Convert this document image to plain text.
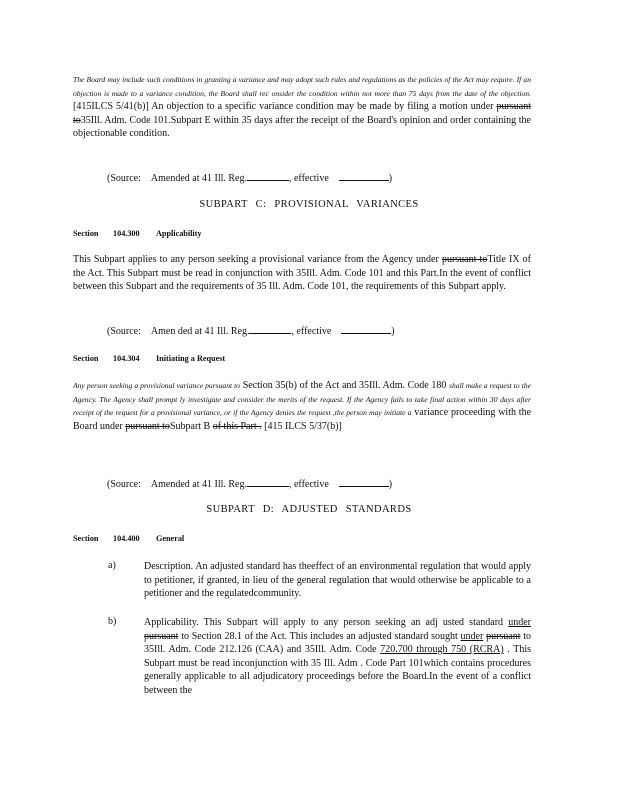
The Board may include such conditions in granting a variance and may adopt such rules and regulations as the policies of the Act may require. If an objection is made to a variance condition, the Board shall rec onsider the condition within not more than 75 days from the date of the objection. [415ILCS 5/41(b)] An objection to a specific variance condition may be made by filing a motion under pursuant to35Ill. Adm. Code 101.Subpart E within 35 days after the receipt of the Board's opinion and order containing the objectionable condition.

(Source: Amended at 41 Ill. Reg.	, effective	)
SUBPART C: PROVISIONAL VARIANCES
Section 104.300 Applicability

This Subpart applies to any person seeking a provisional variance from the Agency under pursuant toTitle IX of the Act. This Subpart must be read in conjunction with 35Ill. Adm. Code 101 and this Part.In the event of conflict between this Subpart and the requirements of 35 Ill. Adm. Code 101, the requirements of this Subpart apply.

(Source: Amen ded at 41 Ill. Reg.	, effective	)
Section 104.304 Initiating a Request

Any person seeking a provisional variance pursuant to Section 35(b) of the Act and 35Ill. Adm. Code 180 shall make a request to the Agency. The Agency shall prompt ly investigate and consider the merits of the request. If the Agency fails to take final action within 30 days after receipt of the request for a provisional variance, or if the Agency denies the request ,the person may initiate a variance proceeding with the Board under pursuant toSubpart B of this Part . [415 ILCS 5/37(b)]

(Source: Amended at 41 Ill. Reg.	, effective	)
SUBPART D: ADJUSTED STANDARDS
Section 104.400 General
a)	Description. An adjusted standard has theeffect of an environmental regulation that would apply to petitioner, if granted, in lieu of the general regulation that would otherwise be applicable to a petitioner and the regulatedcommunity.

b)	Applicability. This Subpart will apply to any person seeking an adj usted standard under pursuant to Section 28.1 of the Act. This includes an adjusted standard sought under pursuant to 35Ill. Adm. Code 212.126 (CAA) and 35Ill. Adm. Code 720.700 through 750 (RCRA) . This Subpart must be read inconjunction with 35 Ill. Adm . Code Part 101which contains procedures generally applicable to all adjudicatory proceedings before the Board.In the event of a conflict between the
